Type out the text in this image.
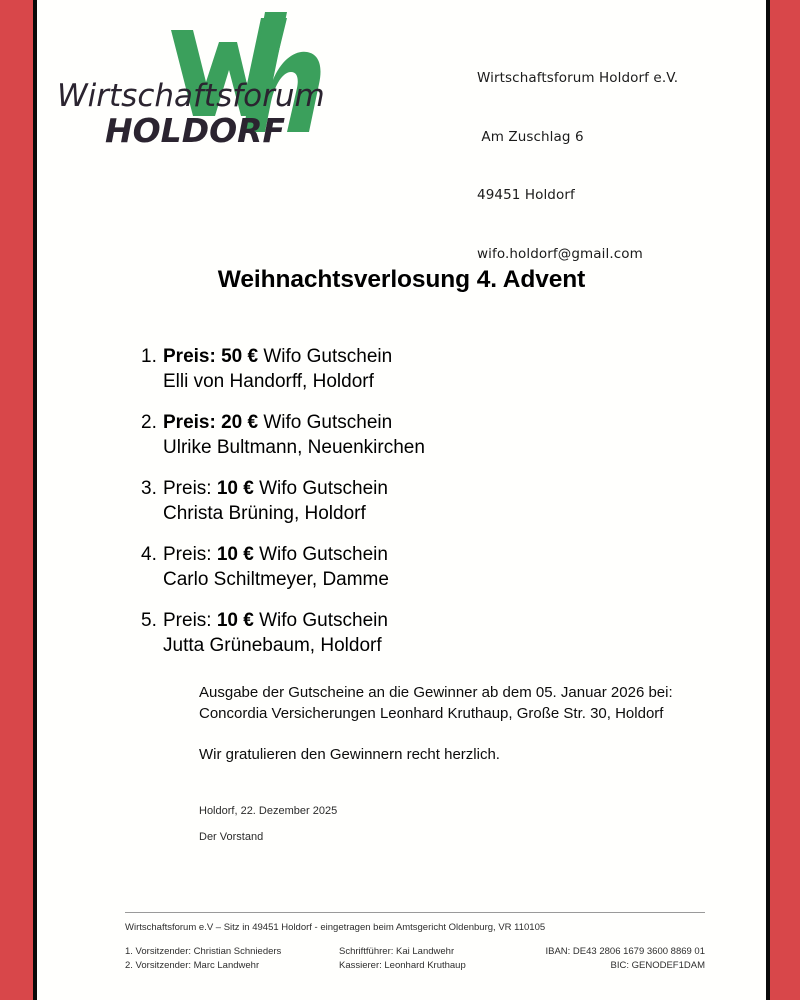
Wirtschaftsforum
HOLDORF

Wirtschaftsforum Holdorf e.V.

Am Zuschlag 6

49451 Holdorf

wifo.holdorf@gmail.com

Weihnachtsverlosung 4. Advent
1. Preis: 50 € Wifo Gutschein
Elli von Handorff, Holdorf
2. Preis: 20 € Wifo Gutschein
Ulrike Bultmann, Neuenkirchen
3. Preis: 10 € Wifo Gutschein
Christa Brüning, Holdorf
4. Preis: 10 € Wifo Gutschein
Carlo Schiltmeyer, Damme
5. Preis: 10 € Wifo Gutschein
Jutta Grünebaum, Holdorf
Ausgabe der Gutscheine an die Gewinner ab dem 05. Januar 2026 bei:
Concordia Versicherungen Leonhard Kruthaup, Große Str. 30, Holdorf
Wir gratulieren den Gewinnern recht herzlich.
Holdorf, 22. Dezember 2025
Der Vorstand
Wirtschaftsforum e.V – Sitz in 49451 Holdorf - eingetragen beim Amtsgericht Oldenburg, VR 110105
1. Vorsitzender: Christian Schnieders
2. Vorsitzender: Marc Landwehr
Schriftführer: Kai Landwehr
Kassierer: Leonhard Kruthaup
IBAN: DE43 2806 1679 3600 8869 01
BIC: GENODEF1DAM
